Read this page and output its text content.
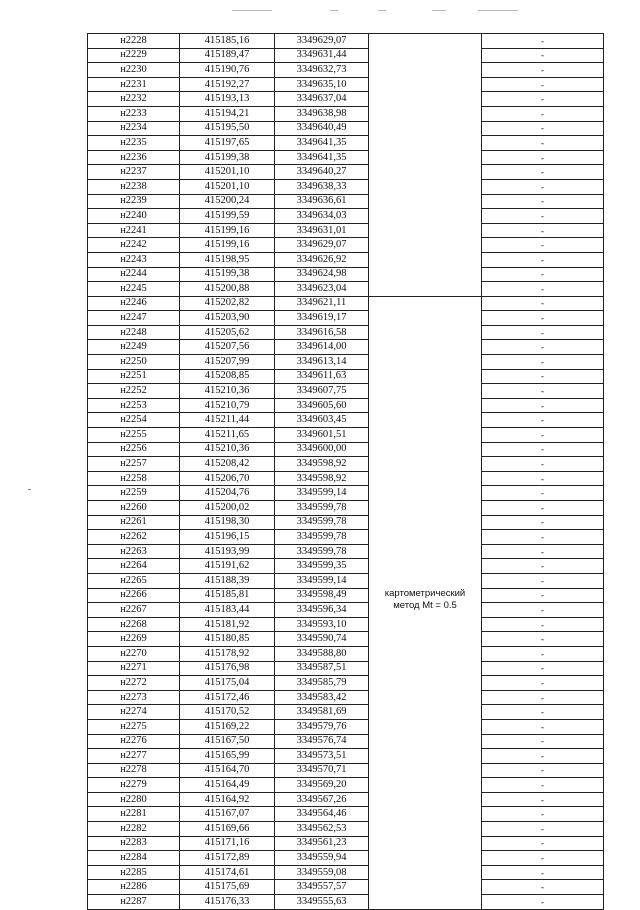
н2228	415185,16	3349629,07		-
н2229	415189,47	3349631,44		-
н2230	415190,76	3349632,73		-
н2231	415192,27	3349635,10		-
н2232	415193,13	3349637,04		-
н2233	415194,21	3349638,98		-
н2234	415195,50	3349640,49		-
н2235	415197,65	3349641,35		-
н2236	415199,38	3349641,35		-
н2237	415201,10	3349640,27		-
н2238	415201,10	3349638,33		-
н2239	415200,24	3349636,61		-
н2240	415199,59	3349634,03		-
н2241	415199,16	3349631,01		-
н2242	415199,16	3349629,07		-
н2243	415198,95	3349626,92		-
н2244	415199,38	3349624,98		-
н2245	415200,88	3349623,04		-
н2246	415202,82	3349621,11		-
н2247	415203,90	3349619,17		-
н2248	415205,62	3349616,58		-
н2249	415207,56	3349614,00		-
н2250	415207,99	3349613,14		-
н2251	415208,85	3349611,63		-
н2252	415210,36	3349607,75		-
н2253	415210,79	3349605,60		-
н2254	415211,44	3349603,45		-
н2255	415211,65	3349601,51		-
н2256	415210,36	3349600,00		-
н2257	415208,42	3349598,92		-
н2258	415206,70	3349598,92		-
н2259	415204,76	3349599,14		-
н2260	415200,02	3349599,78		-
н2261	415198,30	3349599,78		-
н2262	415196,15	3349599,78		-
н2263	415193,99	3349599,78		-
н2264	415191,62	3349599,35		-
н2265	415188,39	3349599,14		-
н2266	415185,81	3349598,49	картометрический
метод Mt = 0.5	-
н2267	415183,44	3349596,34		-
н2268	415181,92	3349593,10		-
н2269	415180,85	3349590,74		-
н2270	415178,92	3349588,80		-
н2271	415176,98	3349587,51		-
н2272	415175,04	3349585,79		-
н2273	415172,46	3349583,42		-
н2274	415170,52	3349581,69		-
н2275	415169,22	3349579,76		-
н2276	415167,50	3349576,74		-
н2277	415165,99	3349573,51		-
н2278	415164,70	3349570,71		-
н2279	415164,49	3349569,20		-
н2280	415164,92	3349567,26		-
н2281	415167,07	3349564,46		-
н2282	415169,66	3349562,53		-
н2283	415171,16	3349561,23		-
н2284	415172,89	3349559,94		-
н2285	415174,61	3349559,08		-
н2286	415175,69	3349557,57		-
н2287	415176,33	3349555,63		-
